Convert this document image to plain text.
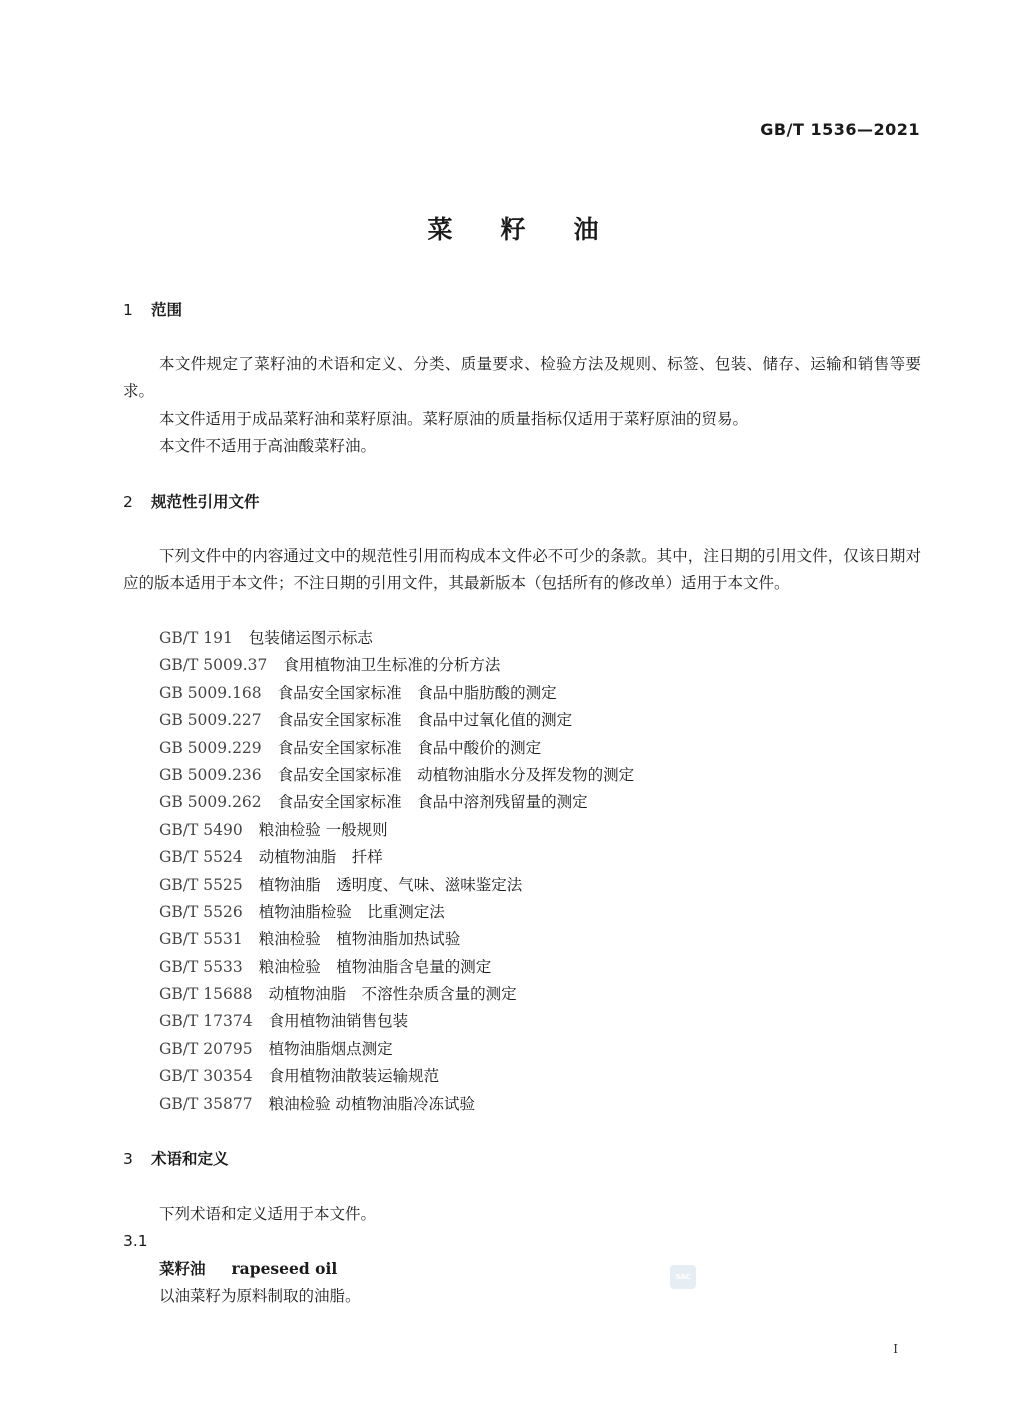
GB/T 1536—2021

菜籽油
1 范围

本文件规定了菜籽油的术语和定义、分类、质量要求、检验方法及规则、标签、包装、储存、运输和销售等要求。

本文件适用于成品菜籽油和菜籽原油。菜籽原油的质量指标仅适用于菜籽原油的贸易。

本文件不适用于高油酸菜籽油。

2 规范性引用文件

下列文件中的内容通过文中的规范性引用而构成本文件必不可少的条款。其中，注日期的引用文件，仅该日期对应的版本适用于本文件；不注日期的引用文件，其最新版本（包括所有的修改单）适用于本文件。

GB/T 191 包装储运图示标志
GB/T 5009.37 食用植物油卫生标准的分析方法
GB 5009.168 食品安全国家标准　食品中脂肪酸的测定
GB 5009.227 食品安全国家标准　食品中过氧化值的测定
GB 5009.229 食品安全国家标准　食品中酸价的测定
GB 5009.236 食品安全国家标准　动植物油脂水分及挥发物的测定
GB 5009.262 食品安全国家标准　食品中溶剂残留量的测定
GB/T 5490 粮油检验 一般规则
GB/T 5524 动植物油脂　扦样
GB/T 5525 植物油脂　透明度、气味、滋味鉴定法
GB/T 5526 植物油脂检验　比重测定法
GB/T 5531 粮油检验　植物油脂加热试验
GB/T 5533 粮油检验　植物油脂含皂量的测定
GB/T 15688 动植物油脂　不溶性杂质含量的测定
GB/T 17374 食用植物油销售包装
GB/T 20795 植物油脂烟点测定
GB/T 30354 食用植物油散装运输规范
GB/T 35877 粮油检验 动植物油脂冷冻试验
3 术语和定义

下列术语和定义适用于本文件。

3.1

菜籽油 rapeseed oil

以油菜籽为原料制取的油脂。

SAC

I
